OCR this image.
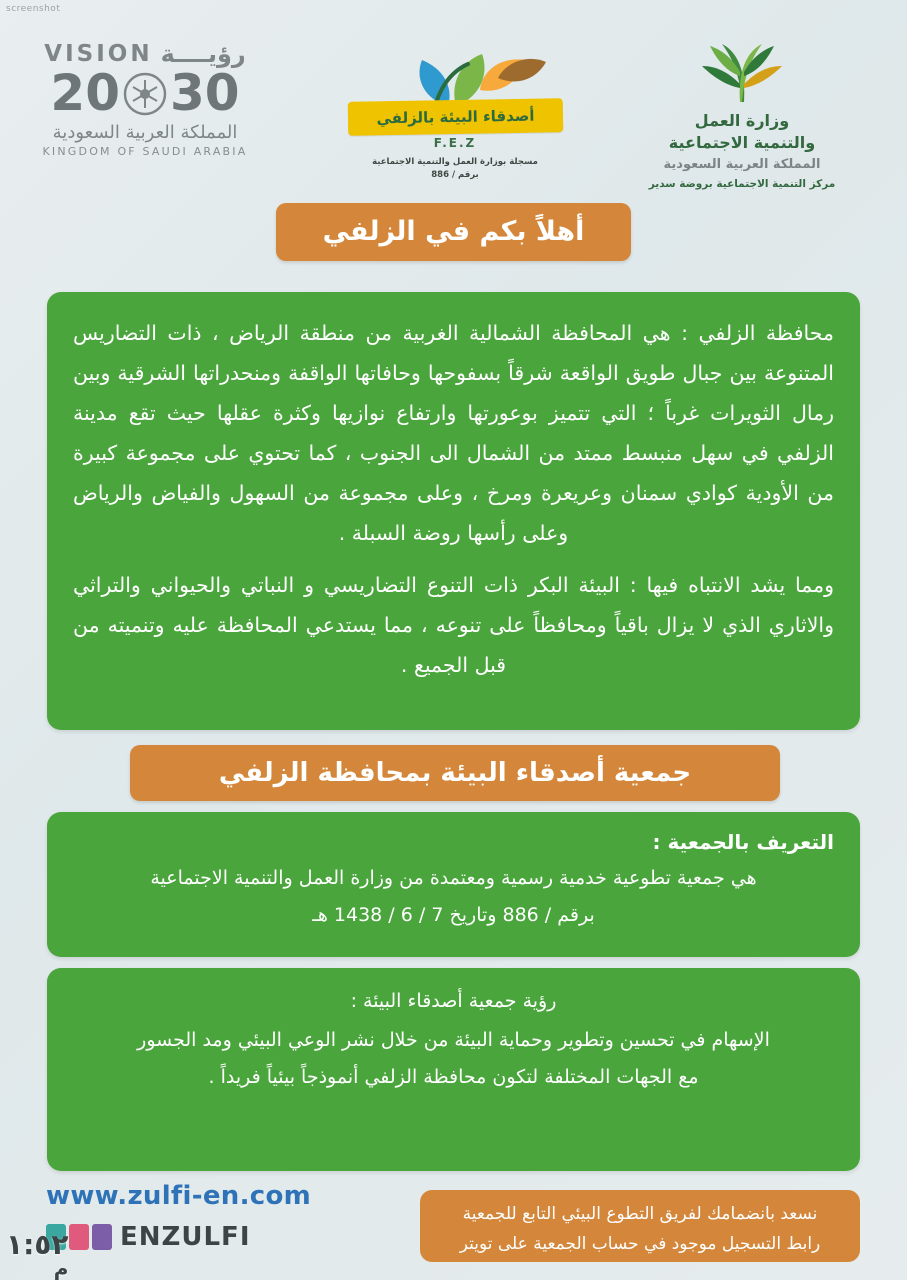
screenshot
VISION رؤيــــة
20 30
المملكة العربية السعودية
KINGDOM OF SAUDI ARABIA
أصدقاء البيئة بالزلفي
F.E.Z
مسجلة بوزارة العمل والتنمية الاجتماعية
برقم / 886
وزارة العمل
والتنمية الاجتماعية
المملكة العربية السعودية
مركز التنمية الاجتماعية بروضة سدير
أهلاً بكم في الزلفي

محافظة الزلفي : هي المحافظة الشمالية الغربية من منطقة الرياض ، ذات التضاريس المتنوعة بين جبال طويق الواقعة شرقاً بسفوحها وحافاتها الواقفة ومنحدراتها الشرقية وبين رمال الثويرات غرباً ؛ التي تتميز بوعورتها وارتفاع نوازيها وكثرة عقلها حيث تقع مدينة الزلفي في سهل منبسط ممتد من الشمال الى الجنوب ، كما تحتوي على مجموعة كبيرة من الأودية كوادي سمنان وعريعرة ومرخ ، وعلى مجموعة من السهول والفياض والرياض وعلى رأسها روضة السبلة .

ومما يشد الانتباه فيها : البيئة البكر ذات التنوع التضاريسي و النباتي والحيواني والتراثي والاثاري الذي لا يزال باقياً ومحافظاً على تنوعه ، مما يستدعي المحافظة عليه وتنميته من قبل الجميع .

جمعية أصدقاء البيئة بمحافظة الزلفي
التعريف بالجمعية :
هي جمعية تطوعية خدمية رسمية ومعتمدة من وزارة العمل والتنمية الاجتماعية
برقم / 886 وتاريخ 7 / 6 / 1438 هـ
رؤية جمعية أصدقاء البيئة :
الإسهام في تحسين وتطوير وحماية البيئة من خلال نشر الوعي البيئي ومد الجسور
مع الجهات المختلفة لتكون محافظة الزلفي أنموذجاً بيئياً فريداً .
www.zulfi-en.com
ENZULFI
نسعد بانضمامك لفريق التطوع البيئي التابع للجمعية
رابط التسجيل موجود في حساب الجمعية على تويتر
١:٥٢
م
